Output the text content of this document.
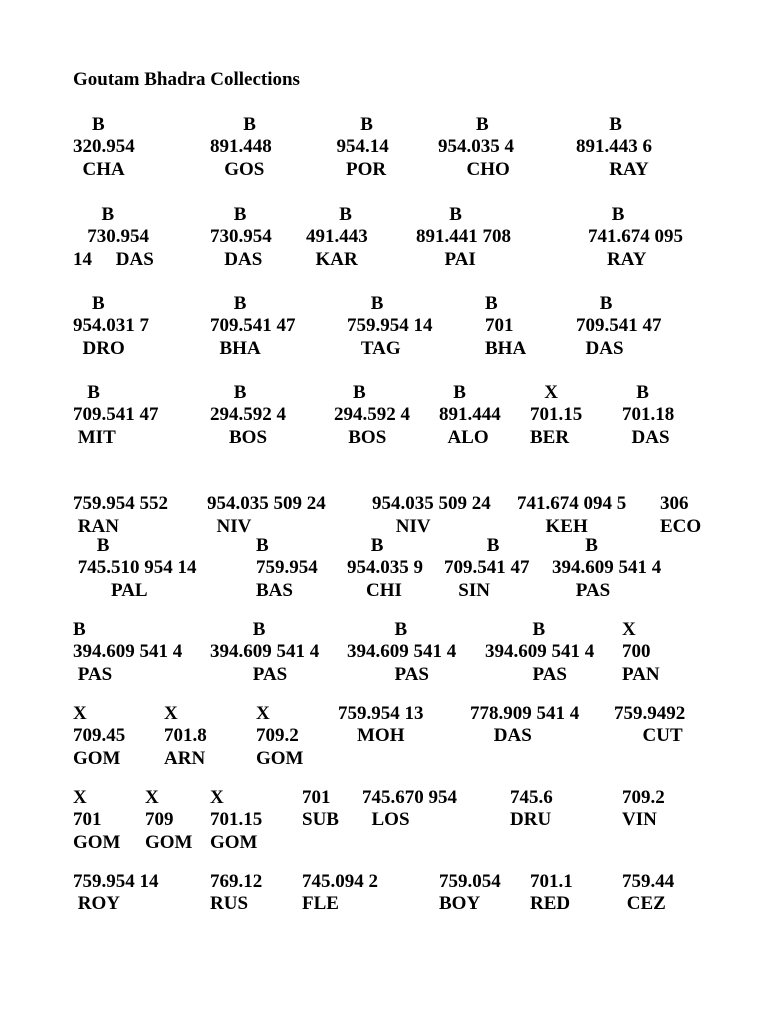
Goutam Bhadra Collections
B
320.954
CHA
B
891.448
GOS
B
954.14
POR
B
954.035 4
CHO
B
891.443 6
RAY
B
730.954
14     DAS
B
730.954
DAS
B
491.443
KAR
B
891.441 708
PAI
B
741.674 095
RAY
B
954.031 7
DRO
B
709.541 47
BHA
B
759.954 14
TAG
B
701
BHA
B
709.541 47
DAS
B
709.541 47
MIT
B
294.592 4
BOS
B
294.592 4
BOS
B
891.444
ALO
X
701.15
BER
B
701.18
DAS

759.954 552
RAN

954.035 509 24
NIV

954.035 509 24
NIV

741.674 094 5
KEH

306
ECO
B
745.510 954 14
PAL
B
759.954
BAS
B
954.035 9
CHI
B
709.541 47
SIN
B
394.609 541 4
PAS
B
394.609 541 4
PAS
B
394.609 541 4
PAS
B
394.609 541 4
PAS
B
394.609 541 4
PAS
X
700
PAN
X
709.45
GOM
X
701.8
ARN
X
709.2
GOM
759.954 13
MOH

778.909 541 4
DAS

759.9492
CUT

X
701
GOM
X
709
GOM
X
701.15
GOM
701
SUB

745.670 954
LOS

745.6
DRU

709.2
VIN

759.954 14
ROY
769.12
RUS
745.094 2
FLE
759.054
BOY
701.1
RED
759.44
CEZ
